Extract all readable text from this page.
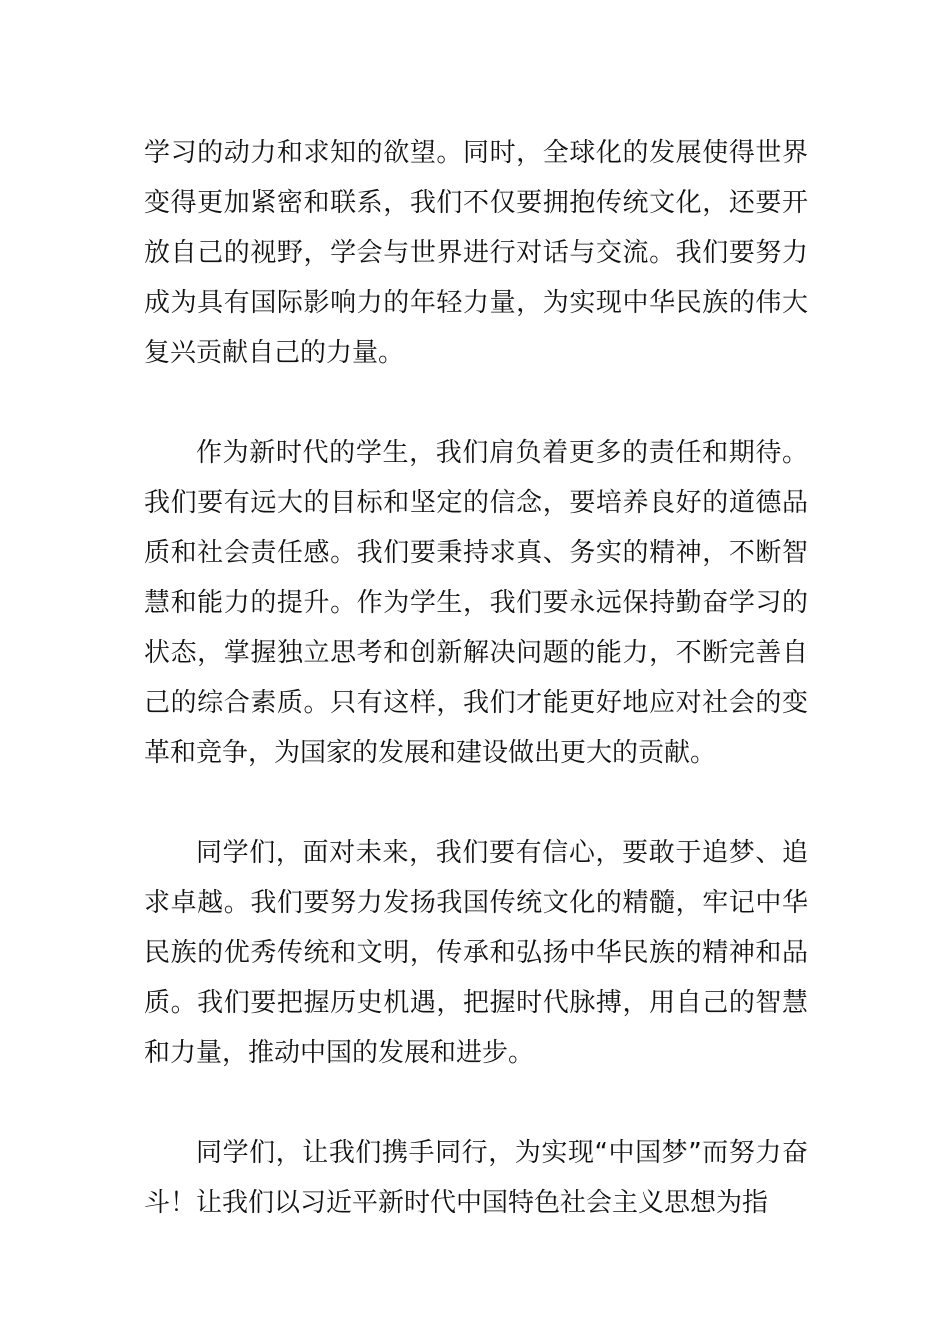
学习的动力和求知的欲望。同时，全球化的发展使得世界变得更加紧密和联系，我们不仅要拥抱传统文化，还要开放自己的视野，学会与世界进行对话与交流。我们要努力成为具有国际影响力的年轻力量，为实现中华民族的伟大复兴贡献自己的力量。

作为新时代的学生，我们肩负着更多的责任和期待。我们要有远大的目标和坚定的信念，要培养良好的道德品质和社会责任感。我们要秉持求真、务实的精神，不断智慧和能力的提升。作为学生，我们要永远保持勤奋学习的状态，掌握独立思考和创新解决问题的能力，不断完善自己的综合素质。只有这样，我们才能更好地应对社会的变革和竞争，为国家的发展和建设做出更大的贡献。

同学们，面对未来，我们要有信心，要敢于追梦、追求卓越。我们要努力发扬我国传统文化的精髓，牢记中华民族的优秀传统和文明，传承和弘扬中华民族的精神和品质。我们要把握历史机遇，把握时代脉搏，用自己的智慧和力量，推动中国的发展和进步。

同学们，让我们携手同行，为实现“中国梦”而努力奋斗！让我们以习近平新时代中国特色社会主义思想为指
